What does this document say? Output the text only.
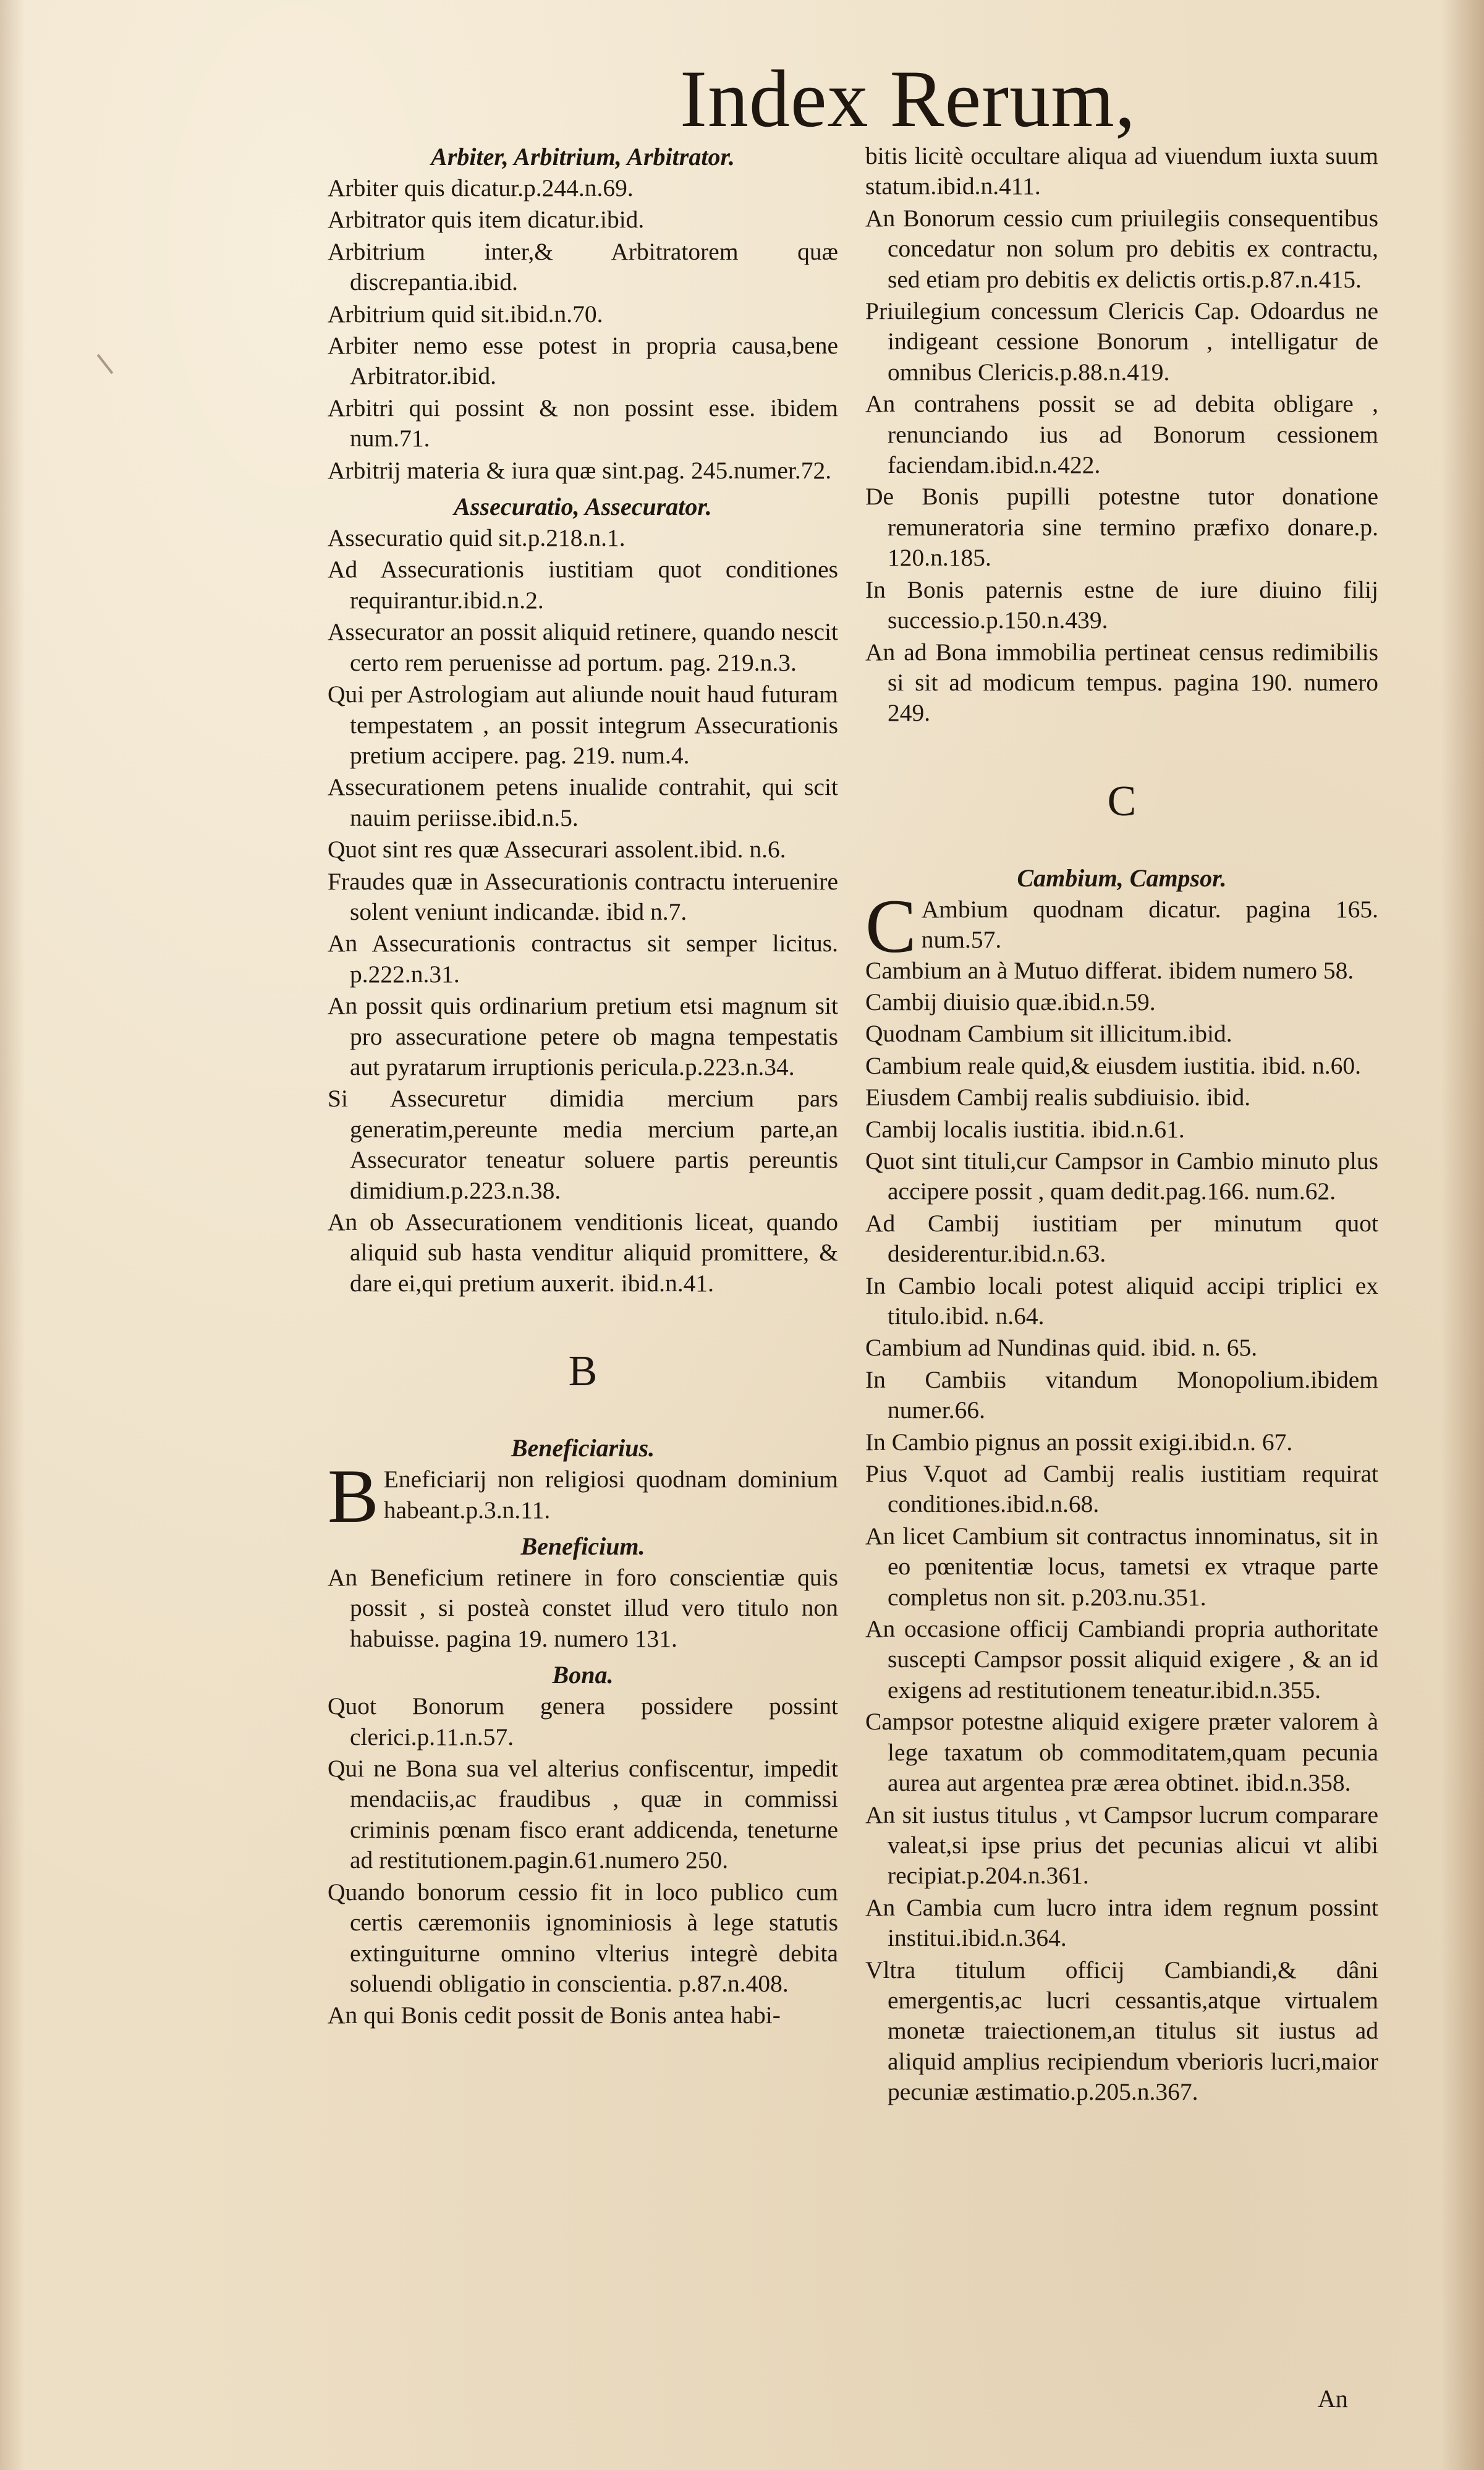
Index Rerum,

Arbiter, Arbitrium, Arbitrator.

Arbiter quis dicatur.p.244.n.69.

Arbitrator quis item dicatur.ibid.

Arbitrium inter,& Arbitratorem quæ discrepantia.ibid.

Arbitrium quid sit.ibid.n.70.

Arbiter nemo esse potest in propria causa,bene Arbitrator.ibid.

Arbitri qui possint & non possint esse. ibidem num.71.

Arbitrij materia & iura quæ sint.pag. 245.numer.72.

Assecuratio, Assecurator.

Assecuratio quid sit.p.218.n.1.

Ad Assecurationis iustitiam quot conditiones requirantur.ibid.n.2.

Assecurator an possit aliquid retinere, quando nescit certo rem peruenisse ad portum. pag. 219.n.3.

Qui per Astrologiam aut aliunde nouit haud futuram tempestatem , an possit integrum Assecurationis pretium accipere. pag. 219. num.4.

Assecurationem petens inualide contrahit, qui scit nauim periisse.ibid.n.5.

Quot sint res quæ Assecurari assolent.ibid. n.6.

Fraudes quæ in Assecurationis contractu interuenire solent veniunt indicandæ. ibid n.7.

An Assecurationis contractus sit semper licitus. p.222.n.31.

An possit quis ordinarium pretium etsi magnum sit pro assecuratione petere ob magna tempestatis aut pyratarum irruptionis pericula.p.223.n.34.

Si Assecuretur dimidia mercium pars generatim,pereunte media mercium parte,an Assecurator teneatur soluere partis pereuntis dimidium.p.223.n.38.

An ob Assecurationem venditionis liceat, quando aliquid sub hasta venditur aliquid promittere, & dare ei,qui pretium auxerit. ibid.n.41.

B

Beneficiarius.

B Eneficiarij non religiosi quodnam dominium habeant.p.3.n.11.

Beneficium.

An Beneficium retinere in foro conscientiæ quis possit , si posteà constet illud vero titulo non habuisse. pagina 19. numero 131.

Bona.

Quot Bonorum genera possidere possint clerici.p.11.n.57.

Qui ne Bona sua vel alterius confiscentur, impedit mendaciis,ac fraudibus , quæ in commissi criminis pœnam fisco erant addicenda, teneturne ad restitutionem.pagin.61.numero 250.

Quando bonorum cessio fit in loco publico cum certis cæremoniis ignominiosis à lege statutis extinguiturne omnino vlterius integrè debita soluendi obligatio in conscientia. p.87.n.408.

An qui Bonis cedit possit de Bonis antea habi-

bitis licitè occultare aliqua ad viuendum iuxta suum statum.ibid.n.411.

An Bonorum cessio cum priuilegiis consequentibus concedatur non solum pro debitis ex contractu, sed etiam pro debitis ex delictis ortis.p.87.n.415.

Priuilegium concessum Clericis Cap. Odoardus ne indigeant cessione Bonorum , intelligatur de omnibus Clericis.p.88.n.419.

An contrahens possit se ad debita obligare , renunciando ius ad Bonorum cessionem faciendam.ibid.n.422.

De Bonis pupilli potestne tutor donatione remuneratoria sine termino præfixo donare.p. 120.n.185.

In Bonis paternis estne de iure diuino filij successio.p.150.n.439.

An ad Bona immobilia pertineat census redimibilis si sit ad modicum tempus. pagina 190. numero 249.

C

Cambium, Campsor.

C Ambium quodnam dicatur. pagina 165. num.57.

Cambium an à Mutuo differat. ibidem numero 58.

Cambij diuisio quæ.ibid.n.59.

Quodnam Cambium sit illicitum.ibid.

Cambium reale quid,& eiusdem iustitia. ibid. n.60.

Eiusdem Cambij realis subdiuisio. ibid.

Cambij localis iustitia. ibid.n.61.

Quot sint tituli,cur Campsor in Cambio minuto plus accipere possit , quam dedit.pag.166. num.62.

Ad Cambij iustitiam per minutum quot desiderentur.ibid.n.63.

In Cambio locali potest aliquid accipi triplici ex titulo.ibid. n.64.

Cambium ad Nundinas quid. ibid. n. 65.

In Cambiis vitandum Monopolium.ibidem numer.66.

In Cambio pignus an possit exigi.ibid.n. 67.

Pius V.quot ad Cambij realis iustitiam requirat conditiones.ibid.n.68.

An licet Cambium sit contractus innominatus, sit in eo pœnitentiæ locus, tametsi ex vtraque parte completus non sit. p.203.nu.351.

An occasione officij Cambiandi propria authoritate suscepti Campsor possit aliquid exigere , & an id exigens ad restitutionem teneatur.ibid.n.355.

Campsor potestne aliquid exigere præter valorem à lege taxatum ob commoditatem,quam pecunia aurea aut argentea præ ærea obtinet. ibid.n.358.

An sit iustus titulus , vt Campsor lucrum comparare valeat,si ipse prius det pecunias alicui vt alibi recipiat.p.204.n.361.

An Cambia cum lucro intra idem regnum possint institui.ibid.n.364.

Vltra titulum officij Cambiandi,& dâni emergentis,ac lucri cessantis,atque virtualem monetæ traiectionem,an titulus sit iustus ad aliquid amplius recipiendum vberioris lucri,maior pecuniæ æstimatio.p.205.n.367.

An
